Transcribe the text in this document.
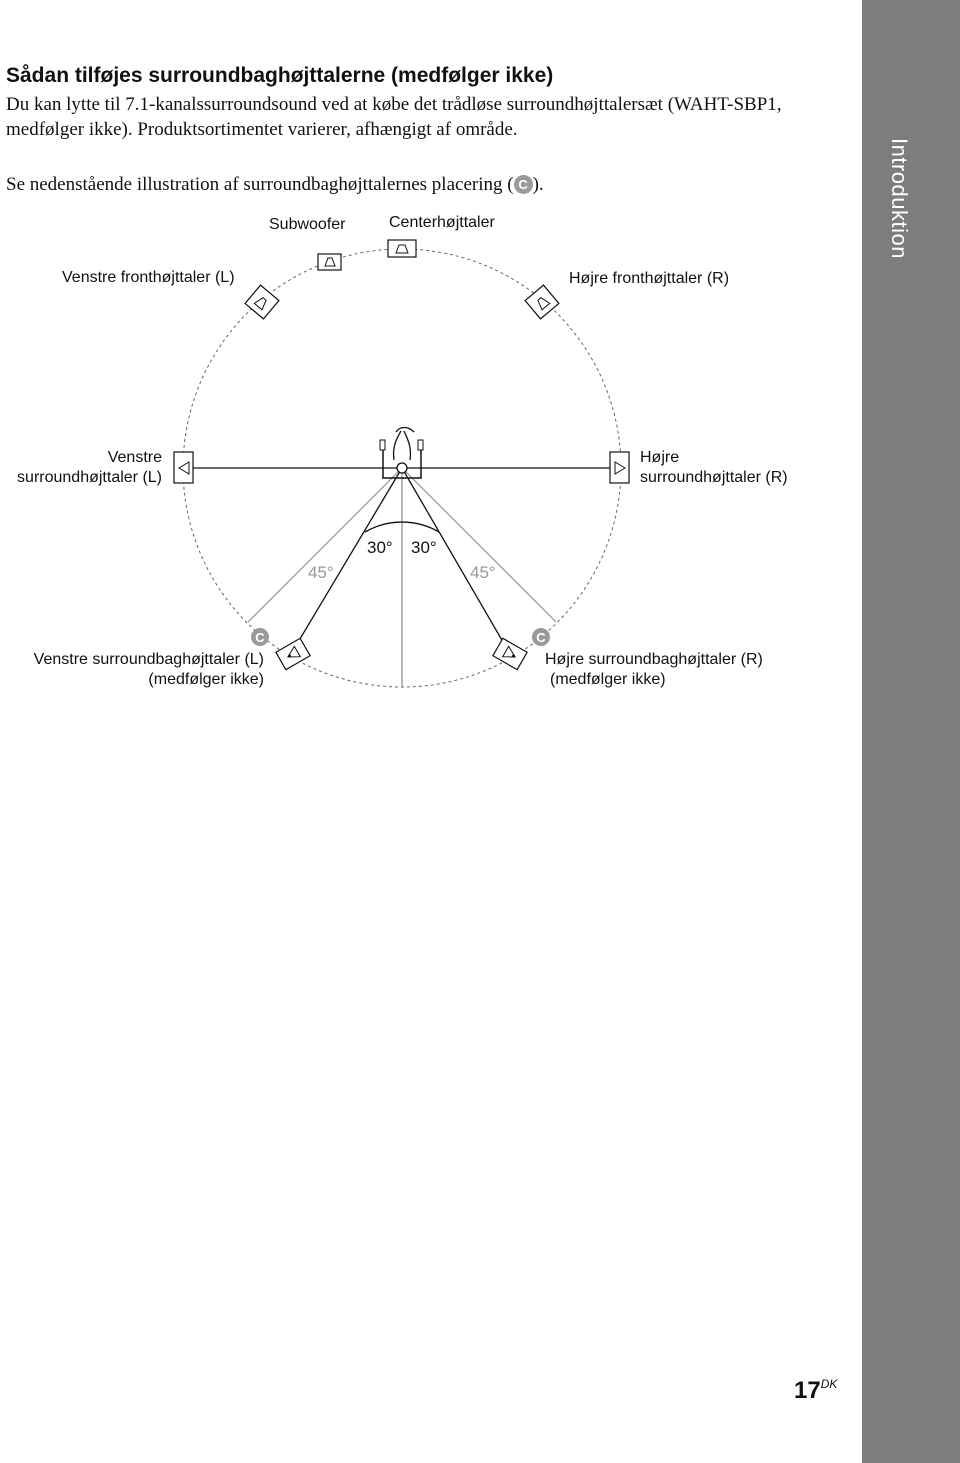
Sådan tilføjes surroundbaghøjttalerne (medfølger ikke)

Du kan lytte til 7.1-kanalssurroundsound ved at købe det trådløse surroundhøjttalersæt (WAHT-SBP1, medfølger ikke). Produktsortimentet varierer, afhængigt af område.

Se nedenstående illustration af surroundbaghøjttalernes placering ( C ).

C	C
Subwoofer	Centerhøjttaler
Venstre fronthøjttaler (L)	Højre fronthøjttaler (R)
Venstre
surroundhøjttaler (L)
Højre
surroundhøjttaler (R)
30° 30°
45°	45°
Venstre surroundbaghøjttaler (L)
(medfølger ikke)
Højre surroundbaghøjttaler (R)
(medfølger ikke)
Introduktion
$17^{DK}$
